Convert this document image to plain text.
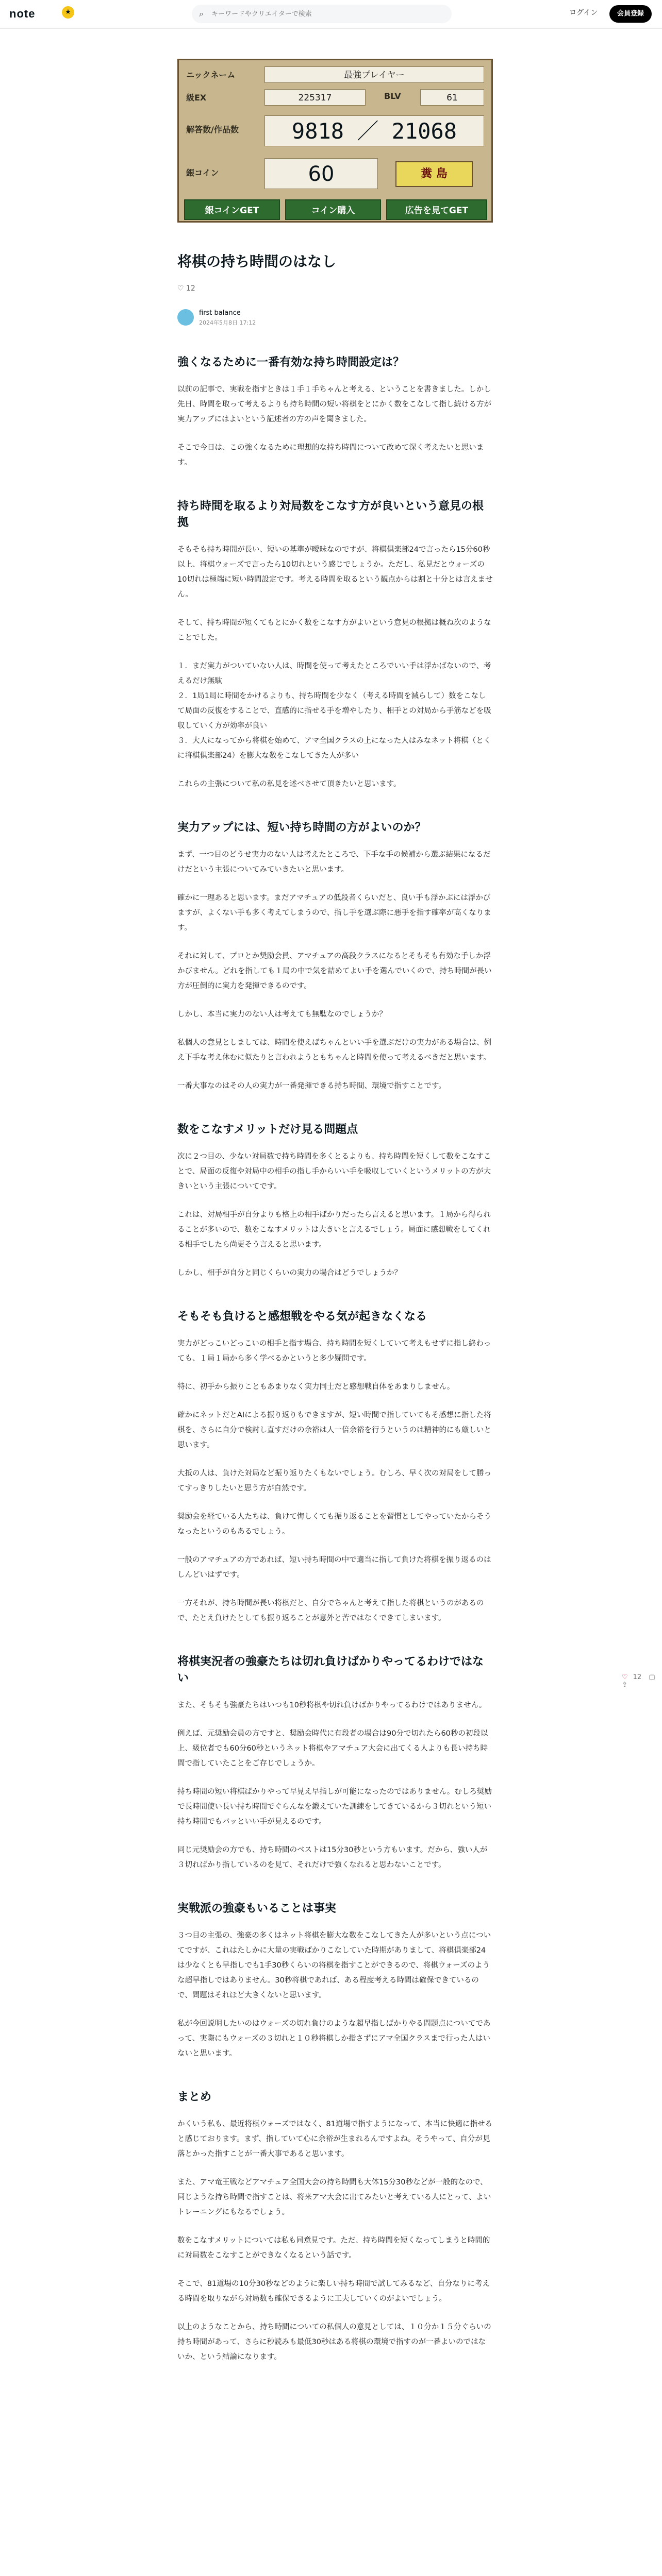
note	★	⌕
キーワードやクリエイターで検索	ログイン	会員登録
ニックネーム	最強プレイヤー
級EX	225317	BLV	61
解答数/作品数	9818 ／ 21068
銀コイン	60	糞 島
銀コインGET	コイン購入	広告を見てGET
将棋の持ち時間のはなし
♡ 12
first balance
2024年5月8日 17:12
強くなるために一番有効な持ち時間設定は？

以前の記事で、実戦を指すときは１手１手ちゃんと考える、ということを書きました。しかし先日、時間を取って考えるよりも持ち時間の短い将棋をとにかく数をこなして指し続ける方が実力アップにはよいという記述者の方の声を聞きました。

そこで今日は、この強くなるために理想的な持ち時間について改めて深く考えたいと思います。

持ち時間を取るより対局数をこなす方が良いという意見の根拠

そもそも持ち時間が長い、短いの基準が曖昧なのですが、将棋倶楽部24で言ったら15分60秒以上、将棋ウォーズで言ったら10切れという感じでしょうか。ただし、私見だとウォーズの10切れは極端に短い時間設定です。考える時間を取るという観点からは割と十分とは言えません。

そして、持ち時間が短くてもとにかく数をこなす方がよいという意見の根拠は概ね次のようなことでした。

１．まだ実力がついていない人は、時間を使って考えたところでいい手は浮かばないので、考えるだけ無駄
２．1局1局に時間をかけるよりも、持ち時間を少なく（考える時間を減らして）数をこなして局面の反復をすることで、直感的に指せる手を増やしたり、相手との対局から手筋などを吸収していく方が効率が良い
３．大人になってから将棋を始めて、アマ全国クラスの上になった人はみなネット将棋（とくに将棋倶楽部24）を膨大な数をこなしてきた人が多い

これらの主張について私の私見を述べさせて頂きたいと思います。

実力アップには、短い持ち時間の方がよいのか？

まず、一つ目のどうせ実力のない人は考えたところで、下手な手の候補から選ぶ結果になるだけだという主張についてみていきたいと思います。

確かに一理あると思います。まだアマチュアの低段者くらいだと、良い手も浮かぶには浮かびますが、よくない手も多く考えてしまうので、指し手を選ぶ際に悪手を指す確率が高くなります。

それに対して、プロとか奨励会員、アマチュアの高段クラスになるとそもそも有効な手しか浮かびません。どれを指しても１局の中で気を詰めてよい手を選んでいくので、持ち時間が長い方が圧倒的に実力を発揮できるのです。

しかし、本当に実力のない人は考えても無駄なのでしょうか？

私個人の意見としましては、時間を使えばちゃんといい手を選ぶだけの実力がある場合は、例え下手な考え休むに似たりと言われようともちゃんと時間を使って考えるべきだと思います。

一番大事なのはその人の実力が一番発揮できる持ち時間、環境で指すことです。

数をこなすメリットだけ見る問題点

次に２つ目の、少ない対局数で持ち時間を多くとるよりも、持ち時間を短くして数をこなすことで、局面の反復や対局中の相手の指し手からいい手を吸収していくというメリットの方が大きいという主張についてです。

これは、対局相手が自分よりも格上の相手ばかりだったら言えると思います。１局から得られることが多いので、数をこなすメリットは大きいと言えるでしょう。局面に感想戦をしてくれる相手でしたら尚更そう言えると思います。

しかし、相手が自分と同じくらいの実力の場合はどうでしょうか？

そもそも負けると感想戦をやる気が起きなくなる

実力がどっこいどっこいの相手と指す場合、持ち時間を短くしていて考えもせずに指し終わっても、１局１局から多く学べるかというと多少疑問です。

特に、初手から振りこともあまりなく実力同士だと感想戦自体をあまりしません。

確かにネットだとAIによる振り返りもできますが、短い時間で指していてもそ感想に指した将棋を、さらに自分で検討し直すだけの余裕は人一倍余裕を行うというのは精神的にも厳しいと思います。

大抵の人は、負けた対局など振り返りたくもないでしょう。むしろ、早く次の対局をして勝ってすっきりしたいと思う方が自然です。

奨励会を経ている人たちは、負けて悔しくても振り返ることを習慣としてやっていたからそうなったというのもあるでしょう。

一般のアマチュアの方であれば、短い持ち時間の中で適当に指して負けた将棋を振り返るのはしんどいはずです。

一方それが、持ち時間が長い将棋だと、自分でちゃんと考えて指した将棋というのがあるので、たとえ負けたとしても振り返ることが意外と苦ではなくできてしまいます。

将棋実況者の強豪たちは切れ負けばかりやってるわけではない

また、そもそも強豪たちはいつも10秒将棋や切れ負けばかりやってるわけではありません。

例えば、元奨励会員の方ですと、奨励会時代に有段者の場合は90分で切れたら60秒の初段以上、級位者でも60分60秒というネット将棋やアマチュア大会に出てくる人よりも長い持ち時間で指していたことをご存じでしょうか。

持ち時間の短い将棋ばかりやって早見え早指しが可能になったのではありません。むしろ奨励で長時間使い長い持ち時間でぐらんなを鍛えていた訓練をしてきているから３切れという短い持ち時間でもバッといい手が見えるのです。

同じ元奨励会の方でも、持ち時間のベストは15分30秒という方もいます。だから、強い人が３切ればかり指しているのを見て、それだけで強くなれると思わないことです。

実戦派の強豪もいることは事実

３つ目の主張の、強豪の多くはネット将棋を膨大な数をこなしてきた人が多いという点についてですが、これはたしかに大量の実戦ばかりこなしていた時期がありまして、将棋倶楽部24は少なくとも早指しでも1手30秒くらいの将棋を指すことができるので、将棋ウォーズのような超早指しではありません。30秒将棋であれば、ある程度考える時間は確保できているので、問題はそれほど大きくないと思います。

私が今回説明したいのはウォーズの切れ負けのような超早指しばかりやる問題点についてであって、実際にもウォーズの３切れと１０秒将棋しか指さずにアマ全国クラスまで行った人はいないと思います。

まとめ

かくいう私も、最近将棋ウォーズではなく、81道場で指すようになって、本当に快適に指せると感じております。まず、指していて心に余裕が生まれるんですよね。そうやって、自分が見落とかった指すことが一番大事であると思います。

また、アマ竜王戦などアマチュア全国大会の持ち時間も大体15分30秒などが一般的なので、同じような持ち時間で指すことは、将来アマ大会に出てみたいと考えている人にとって、よいトレーニングにもなるでしょう。

数をこなすメリットについては私も同意見です。ただ、持ち時間を短くなってしまうと時間的に対局数をこなすことができなくなるという話です。

そこで、81道場の10分30秒などのように楽しい持ち時間で試してみるなど、自分なりに考える時間を取りながら対局数も確保できるように工夫していくのがよいでしょう。

以上のようなことから、持ち時間についての私個人の意見としては、１０分か１５分ぐらいの持ち時間があって、さらに秒読みも最低30秒はある将棋の環境で指すのが一番よいのではないか、という結論になります。

♡ 12 ▢ ⇪
